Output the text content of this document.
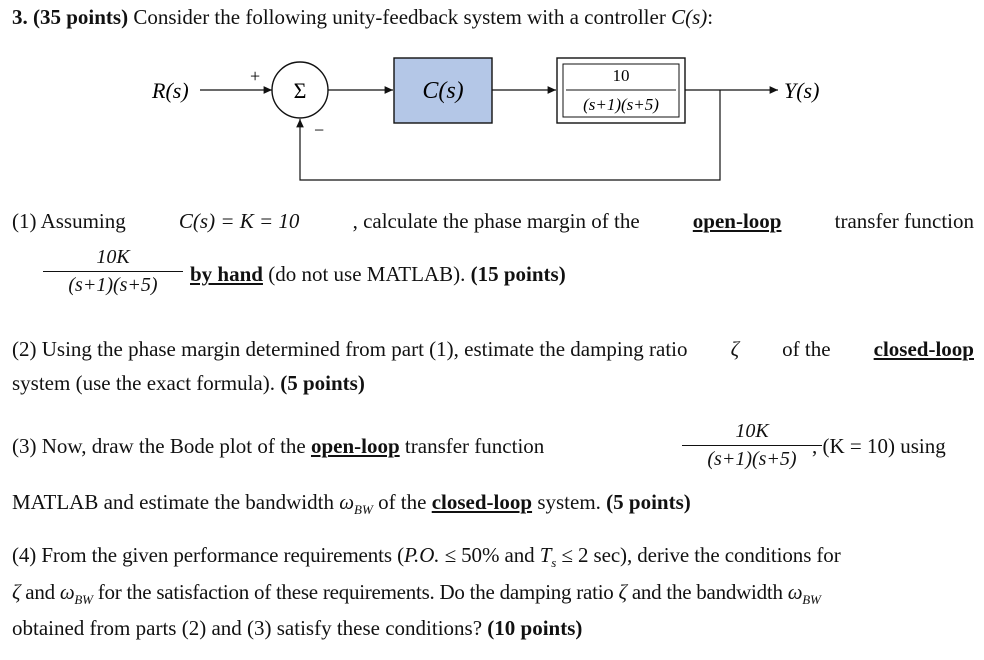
3. (35 points) Consider the following unity-feedback system with a controller C(s):
R(s)
+
Σ
−
C(s)
10
(s+1)(s+5)
Y(s)
(1) Assuming	C(s) = K = 10	, calculate the phase margin of the	open-loop	transfer function
10K
(s+1)(s+5)	by hand (do not use MATLAB). (15 points)
(2) Using the phase margin determined from part (1), estimate the damping ratio ζ of the closed-loop
system (use the exact formula). (5 points)
(3) Now, draw the Bode plot of the open-loop transfer function
10K
(s+1)(s+5)
, (K = 10) using
MATLAB and estimate the bandwidth $\omega_{BW}$ of the closed-loop system. (5 points)
(4) From the given performance requirements (P.O. ≤ 50% and $T_s \le 2$ sec), derive the conditions for
ζ and $\omega_{BW}$ for the satisfaction of these requirements. Do the damping ratio ζ and the bandwidth $\omega_{BW}$
obtained from parts (2) and (3) satisfy these conditions? (10 points)
